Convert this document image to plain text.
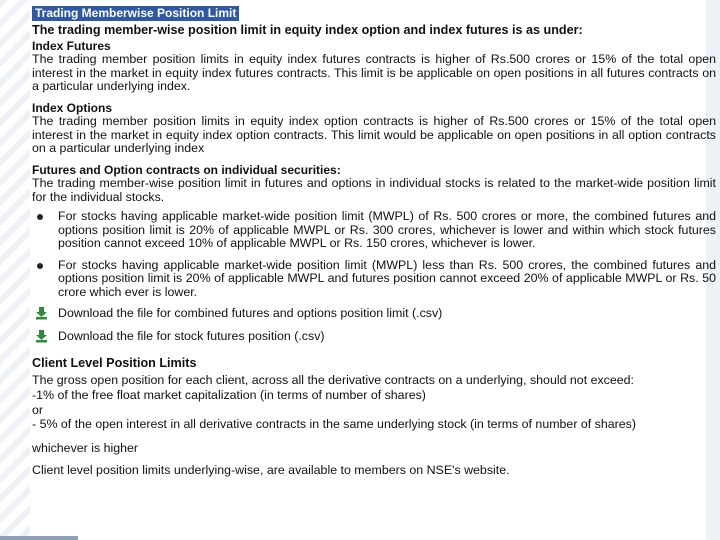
Trading Memberwise Position Limit
The trading member-wise position limit in equity index option and index futures is as under:
Index Futures
The trading member position limits in equity index futures contracts is higher of Rs.500 crores or 15% of the total open interest in the market in equity index futures contracts. This limit is be applicable on open positions in all futures contracts on a particular underlying index.
Index Options
The trading member position limits in equity index option contracts is higher of Rs.500 crores or 15% of the total open interest in the market in equity index option contracts. This limit would be applicable on open positions in all option contracts on a particular underlying index
Futures and Option contracts on individual securities:
The trading member-wise position limit in futures and options in individual stocks is related to the market-wide position limit for the individual stocks.
For stocks having applicable market-wide position limit (MWPL) of Rs. 500 crores or more, the combined futures and options position limit is 20% of applicable MWPL or Rs. 300 crores, whichever is lower and within which stock futures position cannot exceed 10% of applicable MWPL or Rs. 150 crores, whichever is lower.
For stocks having applicable market-wide position limit (MWPL) less than Rs. 500 crores, the combined futures and options position limit is 20% of applicable MWPL and futures position cannot exceed 20% of applicable MWPL or Rs. 50 crore which ever is lower.
Download the file for combined futures and options position limit (.csv)
Download the file for stock futures position (.csv)
Client Level Position Limits
The gross open position for each client, across all the derivative contracts on a underlying, should not exceed:
-1% of the free float market capitalization (in terms of number of shares)
or
- 5% of the open interest in all derivative contracts in the same underlying stock (in terms of number of shares)
whichever is higher
Client level position limits underlying-wise, are available to members on NSE's website.
